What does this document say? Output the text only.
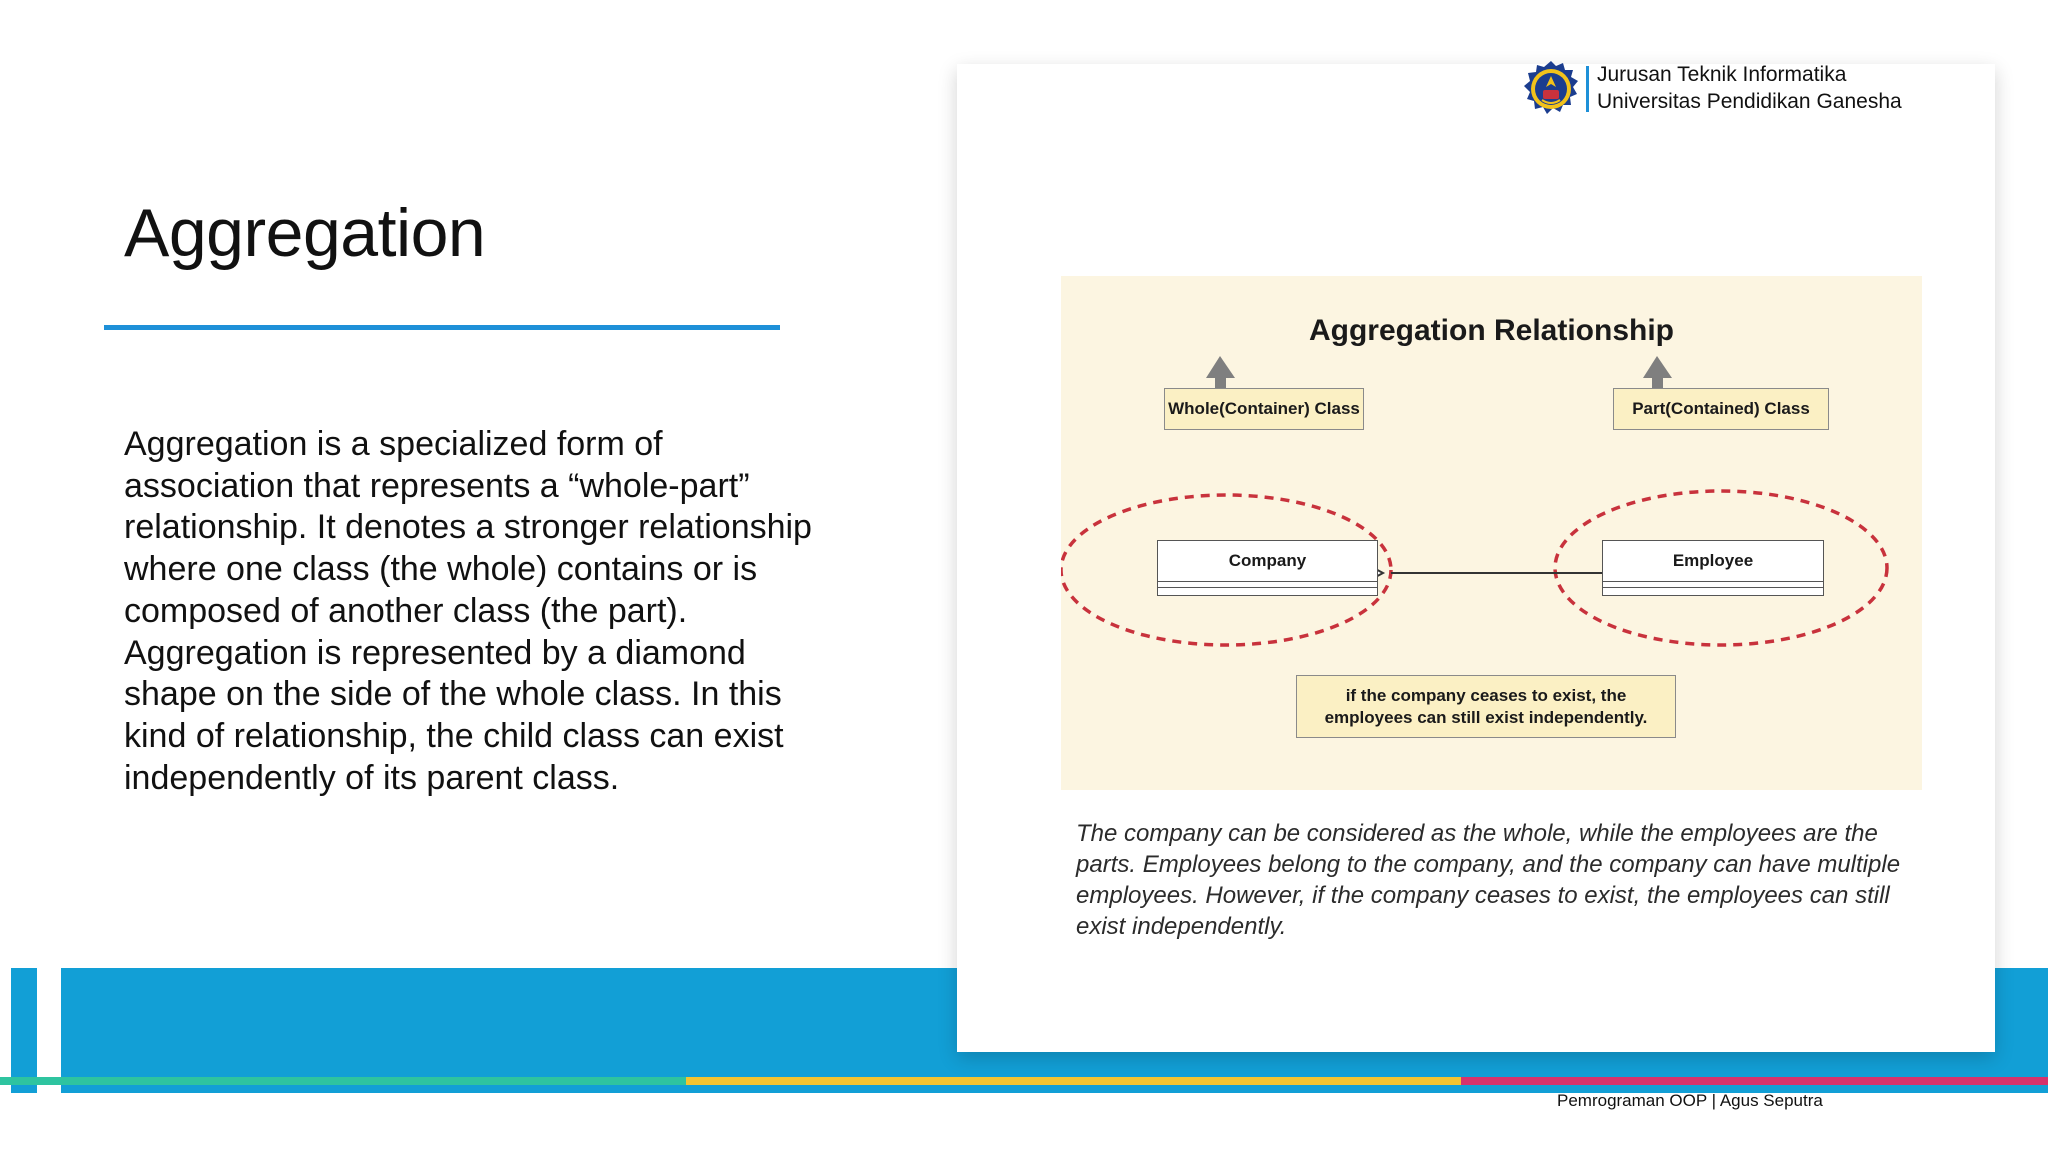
Aggregation

Aggregation is a specialized form of association that represents a “whole-part” relationship. It denotes a stronger relationship where one class (the whole) contains or is composed of another class (the part). Aggregation is represented by a diamond shape on the side of the whole class. In this kind of relationship, the child class can exist independently of its parent class.

Pemrograman OOP | Agus Seputra
Jurusan Teknik Informatika
Universitas Pendidikan Ganesha
Aggregation Relationship
Whole(Container) Class	Part(Contained) Class
Company	Employee
if the company ceases to exist, the
employees can still exist independently.

The company can be considered as the whole, while the employees are the parts. Employees belong to the company, and the company can have multiple employees. However, if the company ceases to exist, the employees can still exist independently.
